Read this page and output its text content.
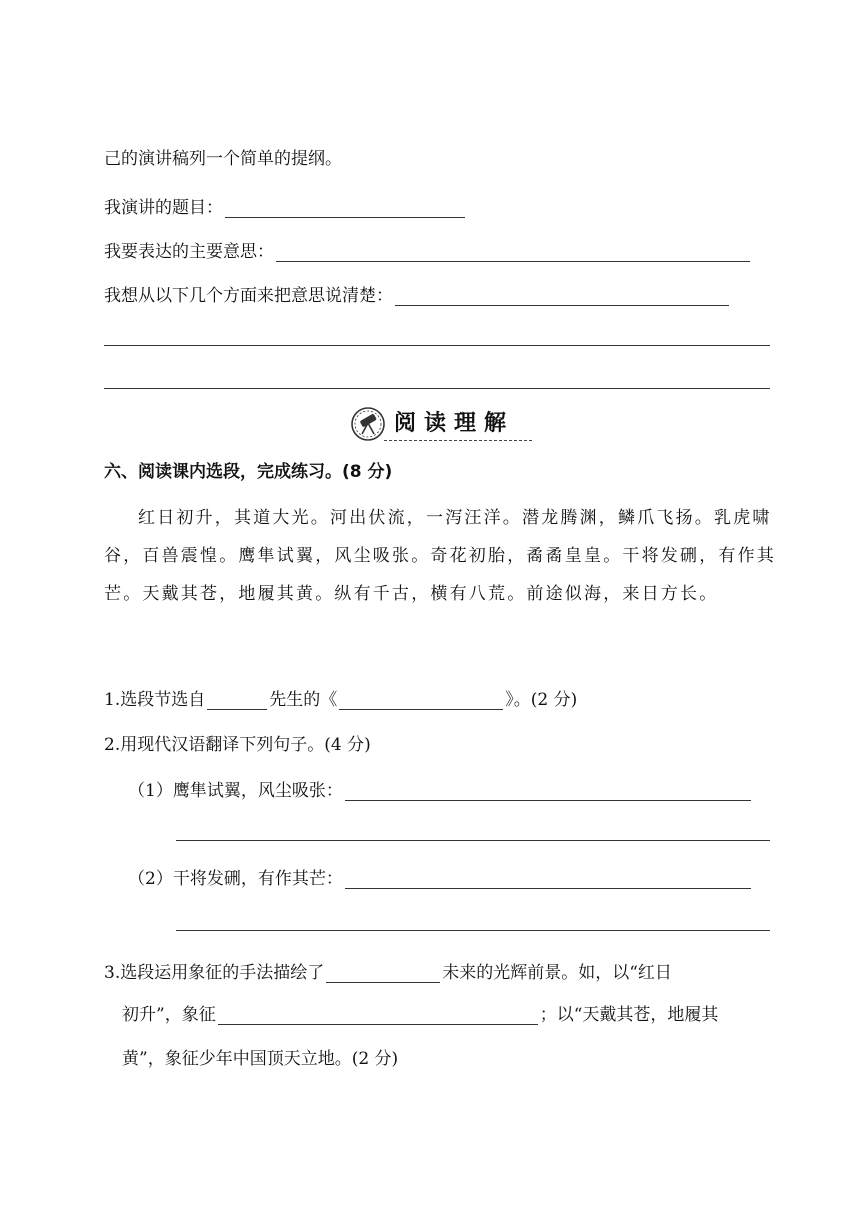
己的演讲稿列一个简单的提纲。
我演讲的题目：
我要表达的主要意思：
我想从以下几个方面来把意思说清楚：
阅读理解
六、阅读课内选段，完成练习。(8 分)

红日初升，其道大光。河出伏流，一泻汪洋。潜龙腾渊，鳞爪飞扬。乳虎啸谷，百兽震惶。鹰隼试翼，风尘吸张。奇花初胎，矞矞皇皇。干将发硎，有作其芒。天戴其苍，地履其黄。纵有千古，横有八荒。前途似海，来日方长。

1.选段节选自	先生的《	》。(2 分)
2.用现代汉语翻译下列句子。(4 分)
（1）鹰隼试翼，风尘吸张：
（2）干将发硎，有作其芒：
3.选段运用象征的手法描绘了	未来的光辉前景。如，以“红日
初升”，象征	；以“天戴其苍，地履其
黄”，象征少年中国顶天立地。(2 分)
